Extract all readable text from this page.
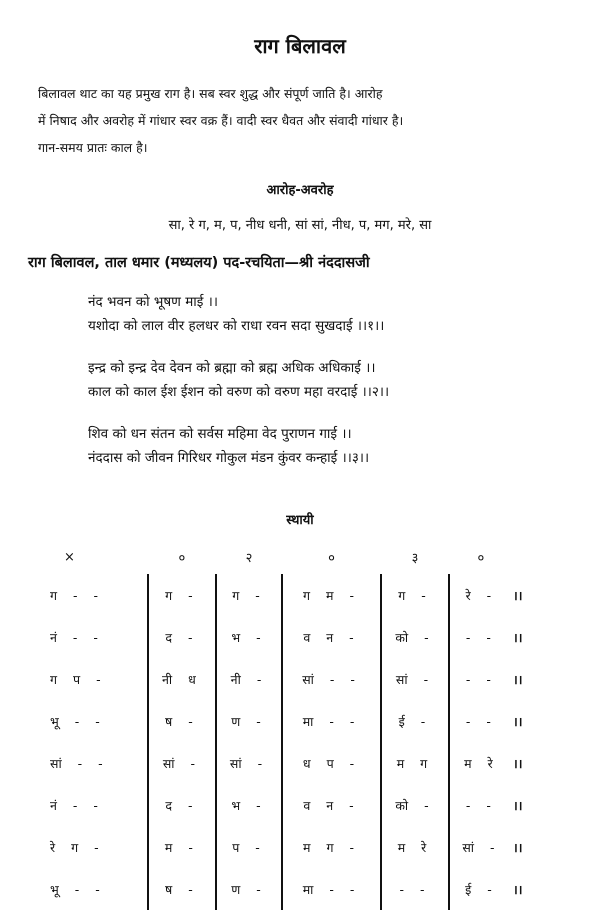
राग बिलावल

बिलावल थाट का यह प्रमुख राग है। सब स्वर शुद्ध और संपूर्ण जाति है। आरोह

में निषाद और अवरोह में गांधार स्वर वक्र हैं। वादी स्वर धैवत और संवादी गांधार है।

गान-समय प्रातः काल है।

आरोह-अवरोह
सा, रे ग, म, प, नीध धनी, सां सां, नीध, प, मग, मरे, सा
राग बिलावल, ताल धमार (मध्यलय) पद-रचयिता—श्री नंददासजी

नंद भवन को भूषण माई ।।

यशोदा को लाल वीर हलधर को राधा रवन सदा सुखदाई ।।१।।

इन्द्र को इन्द्र देव देवन को ब्रह्मा को ब्रह्म अधिक अधिकाई ।।

काल को काल ईश ईशन को वरुण को वरुण महा वरदाई ।।२।।

शिव को धन संतन को सर्वस महिमा वेद पुराणन गाई ।।

नंददास को जीवन गिरिधर गोकुल मंडन कुंवर कन्हाई ।।३।।

स्थायी
×	०	२	०	३	०	
ग - -	ग -	ग -	ग म -	ग -	रे -	।।
नं - -	द -	भ -	व न -	को -	- -	।।
ग प -	नी ध	नी -	सां - -	सां -	- -	।।
भू - -	ष -	ण -	मा - -	ई -	- -	।।
सां - -	सां -	सां -	ध प -	म ग	म रे	।।
नं - -	द -	भ -	व न -	को -	- -	।।
रे ग -	म -	प -	म ग -	म रे	सां -	।।
भू - -	ष -	ण -	मा - -	- -	ई -	।।
